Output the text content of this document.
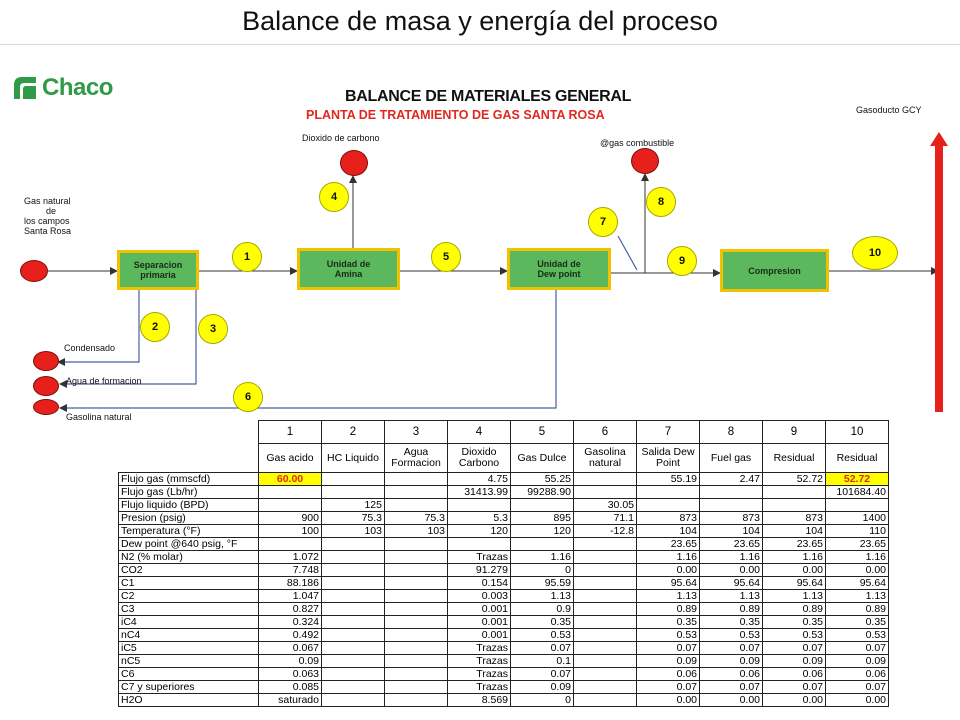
Balance de masa y energía del proceso
Chaco	BALANCE DE MATERIALES GENERAL
PLANTA DE TRATAMIENTO DE GAS SANTA ROSA
Gas natural
de
los campos
Santa Rosa
Dioxido de carbono	@gas combustible
Gasoducto GCY
Condensado
Agua de formacion
Gasolina natural
Separacion
primaria
Unidad de
Amina
Unidad de
Dew point	Compresion
1
2	3
4
5
6
7
8
9
10
	1	2	3	4	5	6	7	8	9	10
	Gas acido	HC Liquido	Agua Formacion	Dioxido Carbono	Gas Dulce	Gasolina natural	Salida Dew Point	Fuel gas	Residual	Residual
Flujo gas (mmscfd)	60.00			4.75	55.25		55.19	2.47	52.72	52.72
Flujo gas (Lb/hr)				31413.99	99288.90					101684.40
Flujo liquido (BPD)		125				30.05				
Presion (psig)	900	75.3	75.3	5.3	895	71.1	873	873	873	1400
Temperatura (°F)	100	103	103	120	120	-12.8	104	104	104	110
Dew point @640 psig, °F							23.65	23.65	23.65	23.65
N2 (% molar)	1.072			Trazas	1.16		1.16	1.16	1.16	1.16
CO2	7.748			91.279	0		0.00	0.00	0.00	0.00
C1	88.186			0.154	95.59		95.64	95.64	95.64	95.64
C2	1.047			0.003	1.13		1.13	1.13	1.13	1.13
C3	0.827			0.001	0.9		0.89	0.89	0.89	0.89
iC4	0.324			0.001	0.35		0.35	0.35	0.35	0.35
nC4	0.492			0.001	0.53		0.53	0.53	0.53	0.53
iC5	0.067			Trazas	0.07		0.07	0.07	0.07	0.07
nC5	0.09			Trazas	0.1		0.09	0.09	0.09	0.09
C6	0.063			Trazas	0.07		0.06	0.06	0.06	0.06
C7 y superiores	0.085			Trazas	0.09		0.07	0.07	0.07	0.07
H2O	saturado			8.569	0		0.00	0.00	0.00	0.00
